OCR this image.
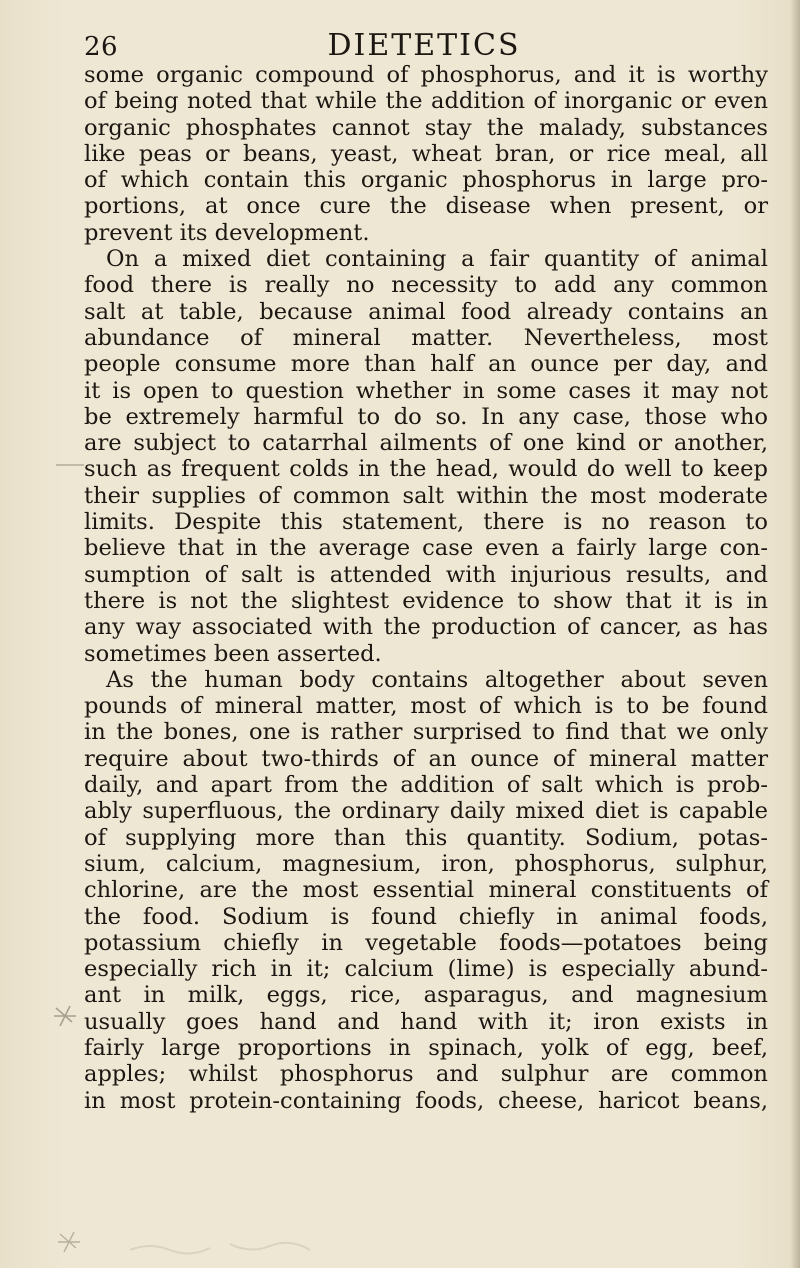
26	DIETETICS
some organic compound of phosphorus, and it is worthy
of being noted that while the addition of inorganic or even
organic phosphates cannot stay the malady, substances
like peas or beans, yeast, wheat bran, or rice meal, all
of which contain this organic phosphorus in large pro-
portions, at once cure the disease when present, or
prevent its development.
On a mixed diet containing a fair quantity of animal
food there is really no necessity to add any common
salt at table, because animal food already contains an
abundance of mineral matter. Nevertheless, most
people consume more than half an ounce per day, and
it is open to question whether in some cases it may not
be extremely harmful to do so. In any case, those who
are subject to catarrhal ailments of one kind or another,
such as frequent colds in the head, would do well to keep
their supplies of common salt within the most moderate
limits. Despite this statement, there is no reason to
believe that in the average case even a fairly large con-
sumption of salt is attended with injurious results, and
there is not the slightest evidence to show that it is in
any way associated with the production of cancer, as has
sometimes been asserted.
As the human body contains altogether about seven
pounds of mineral matter, most of which is to be found
in the bones, one is rather surprised to find that we only
require about two-thirds of an ounce of mineral matter
daily, and apart from the addition of salt which is prob-
ably superfluous, the ordinary daily mixed diet is capable
of supplying more than this quantity. Sodium, potas-
sium, calcium, magnesium, iron, phosphorus, sulphur,
chlorine, are the most essential mineral constituents of
the food. Sodium is found chiefly in animal foods,
potassium chiefly in vegetable foods—potatoes being
especially rich in it; calcium (lime) is especially abund-
ant in milk, eggs, rice, asparagus, and magnesium
usually goes hand and hand with it; iron exists in
fairly large proportions in spinach, yolk of egg, beef,
apples; whilst phosphorus and sulphur are common
in most protein-containing foods, cheese, haricot beans,
